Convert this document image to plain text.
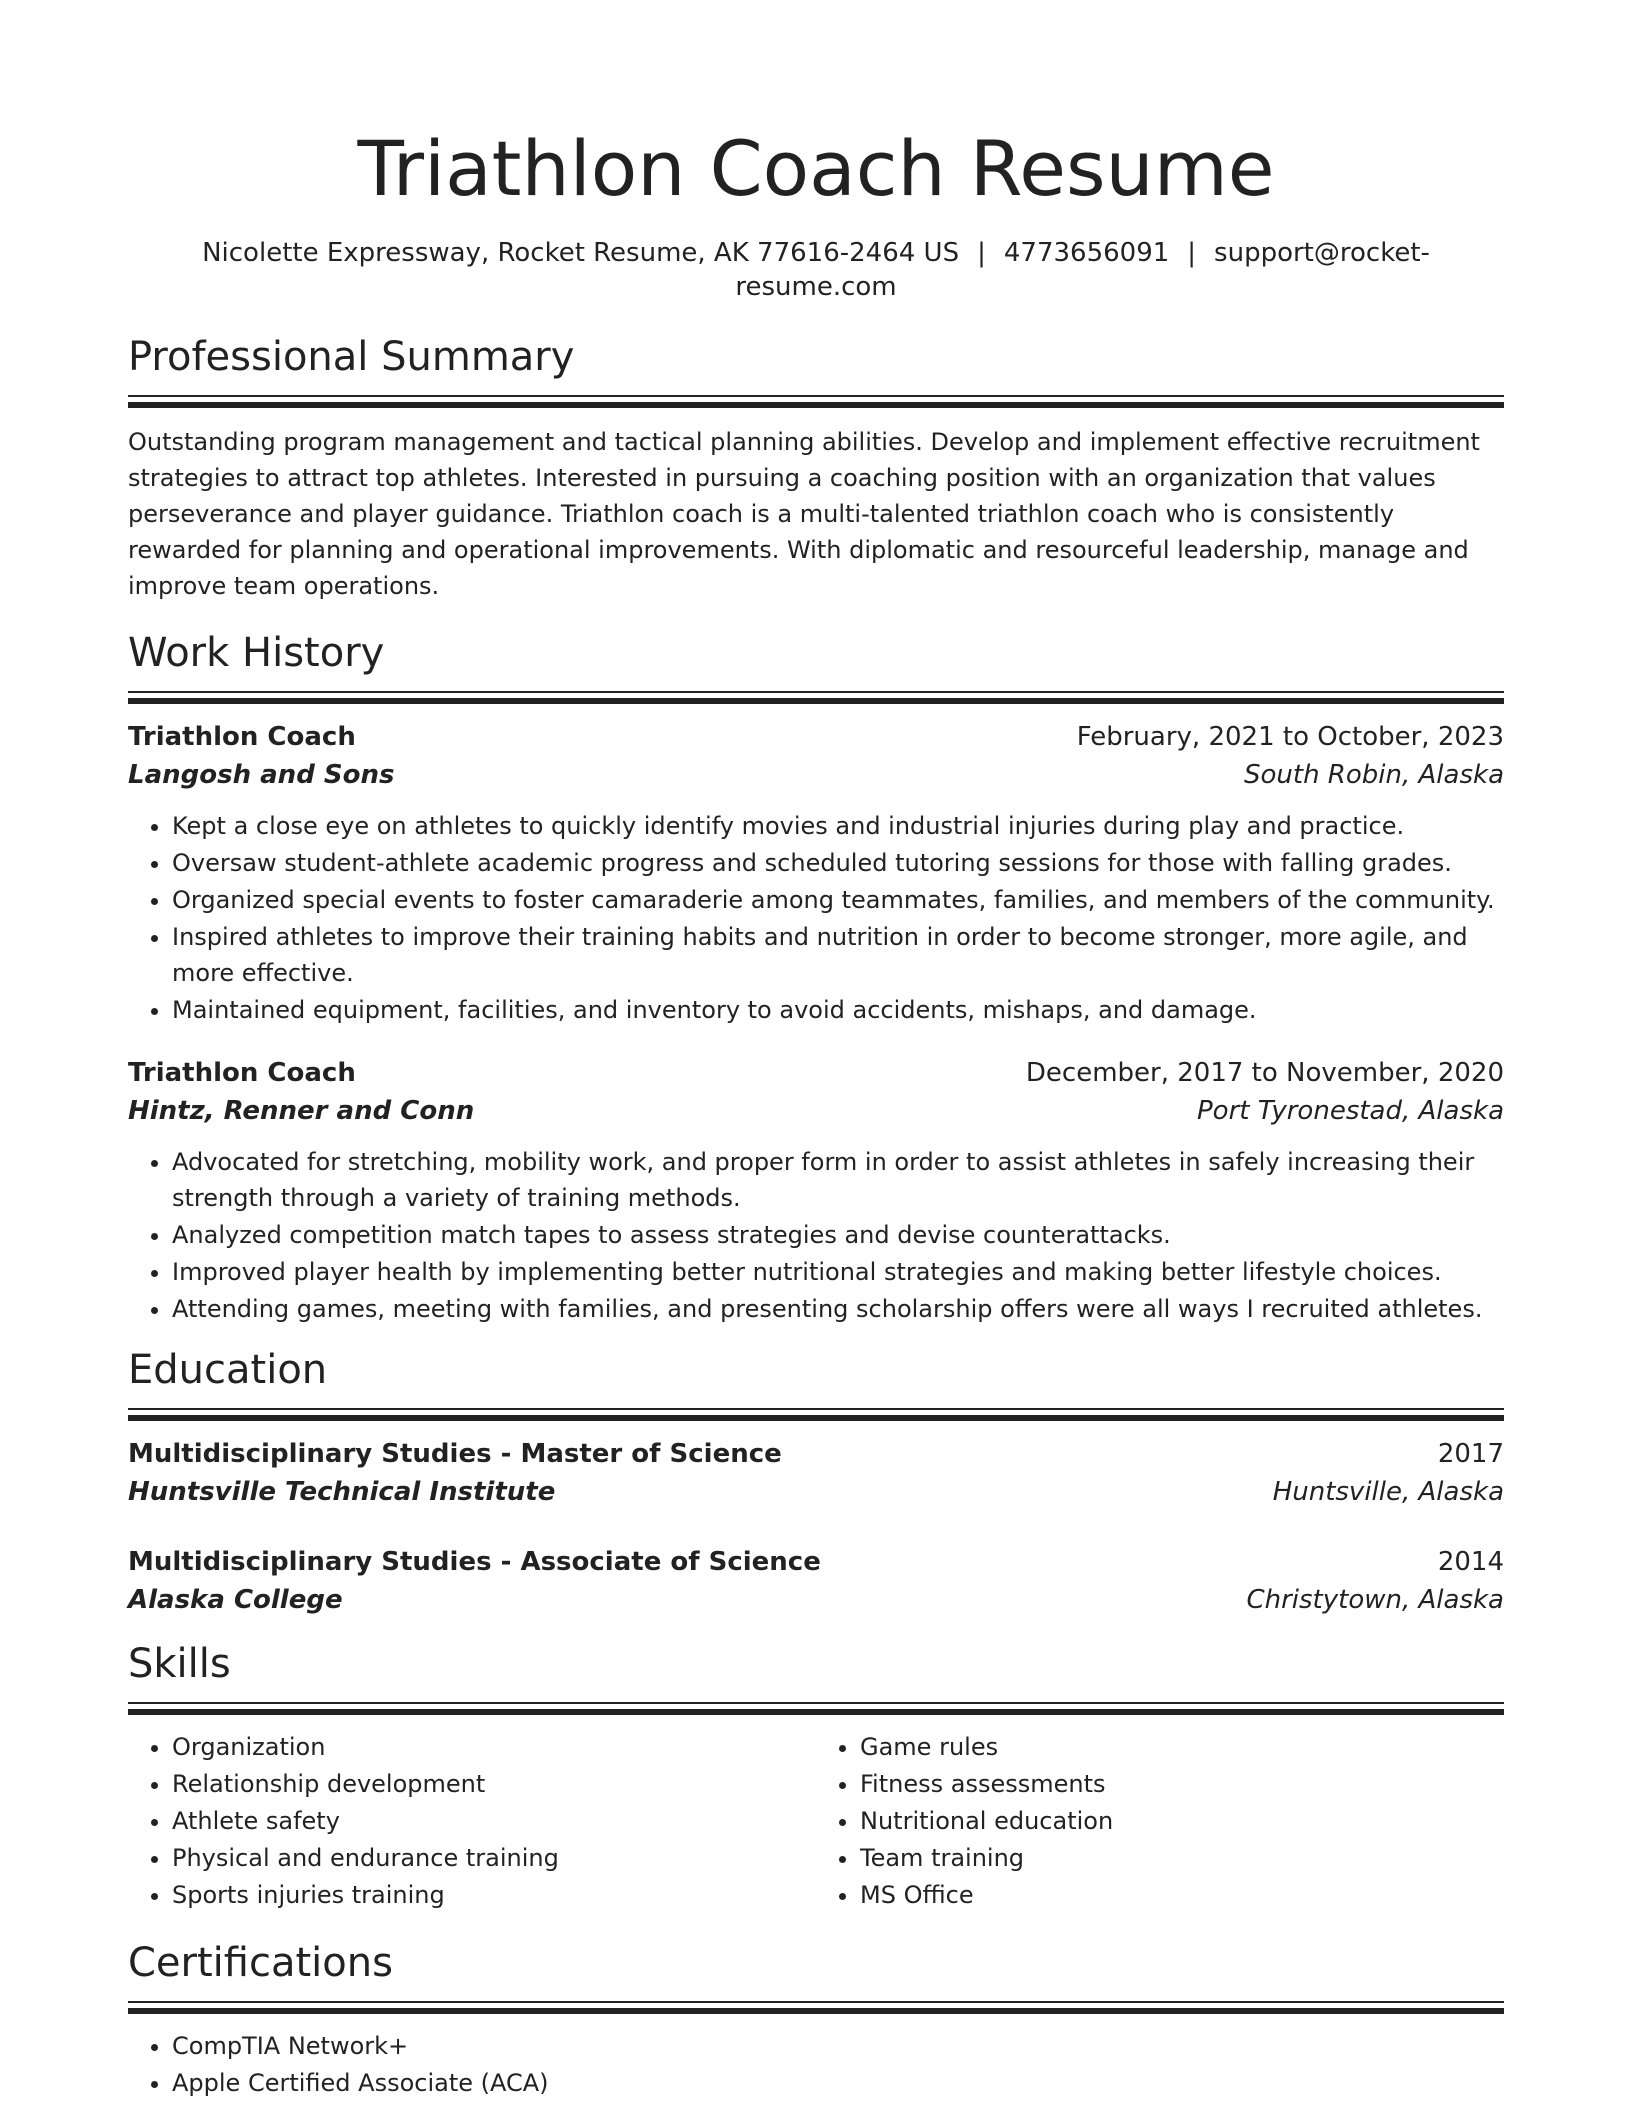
Triathlon Coach Resume
Nicolette Expressway, Rocket Resume, AK 77616-2464 US | 4773656091 | support@rocket-resume.com
Professional Summary
Outstanding program management and tactical planning abilities. Develop and implement effective recruitment strategies to attract top athletes. Interested in pursuing a coaching position with an organization that values perseverance and player guidance. Triathlon coach is a multi-talented triathlon coach who is consistently rewarded for planning and operational improvements. With diplomatic and resourceful leadership, manage and improve team operations.
Work History
Triathlon Coach	February, 2021 to October, 2023
Langosh and Sons	South Robin, Alaska
• Kept a close eye on athletes to quickly identify movies and industrial injuries during play and practice.
• Oversaw student-athlete academic progress and scheduled tutoring sessions for those with falling grades.
• Organized special events to foster camaraderie among teammates, families, and members of the community.
• Inspired athletes to improve their training habits and nutrition in order to become stronger, more agile, and more effective.
• Maintained equipment, facilities, and inventory to avoid accidents, mishaps, and damage.
Triathlon Coach	December, 2017 to November, 2020
Hintz, Renner and Conn	Port Tyronestad, Alaska
• Advocated for stretching, mobility work, and proper form in order to assist athletes in safely increasing their strength through a variety of training methods.
• Analyzed competition match tapes to assess strategies and devise counterattacks.
• Improved player health by implementing better nutritional strategies and making better lifestyle choices.
• Attending games, meeting with families, and presenting scholarship offers were all ways I recruited athletes.
Education
Multidisciplinary Studies - Master of Science	2017
Huntsville Technical Institute	Huntsville, Alaska
Multidisciplinary Studies - Associate of Science	2014
Alaska College	Christytown, Alaska
Skills
• Organization
• Relationship development
• Athlete safety
• Physical and endurance training
• Sports injuries training
• Game rules
• Fitness assessments
• Nutritional education
• Team training
• MS Office
Certifications
• CompTIA Network+
• Apple Certified Associate (ACA)
